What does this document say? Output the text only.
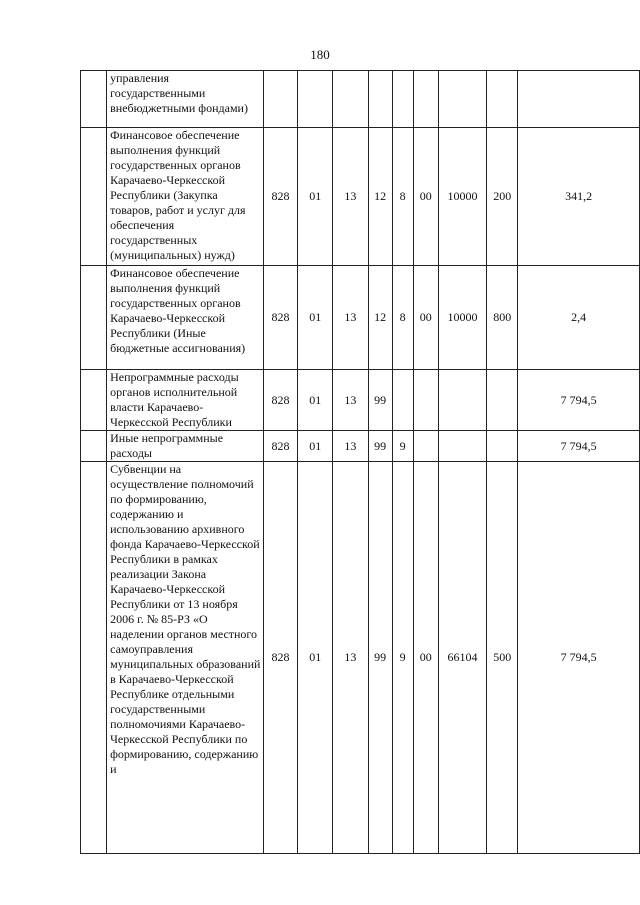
180
	управления государственными внебюджетными фондами)									
	Финансовое обеспечение выполнения функций государственных органов Карачаево-Черкесской Республики (Закупка товаров, работ и услуг для обеспечения государственных (муниципальных) нужд)	828	01	13	12	8	00	10000	200	341,2
	Финансовое обеспечение выполнения функций государственных органов Карачаево-Черкесской Республики (Иные бюджетные ассигнования)	828	01	13	12	8	00	10000	800	2,4
	Непрограммные расходы органов исполнительной власти Карачаево-Черкесской Республики	828	01	13	99					7 794,5
	Иные непрограммные расходы	828	01	13	99	9				7 794,5
	Субвенции на осуществление полномочий по формированию, содержанию и использованию архивного фонда Карачаево-Черкесской Республики в рамках реализации Закона Карачаево-Черкесской Республики от 13 ноября 2006 г. № 85-РЗ «О наделении органов местного самоуправления муниципальных образований в Карачаево-Черкесской Республике отдельными государственными полномочиями Карачаево-Черкесской Республики по формированию, содержанию и	828	01	13	99	9	00	66104	500	7 794,5
